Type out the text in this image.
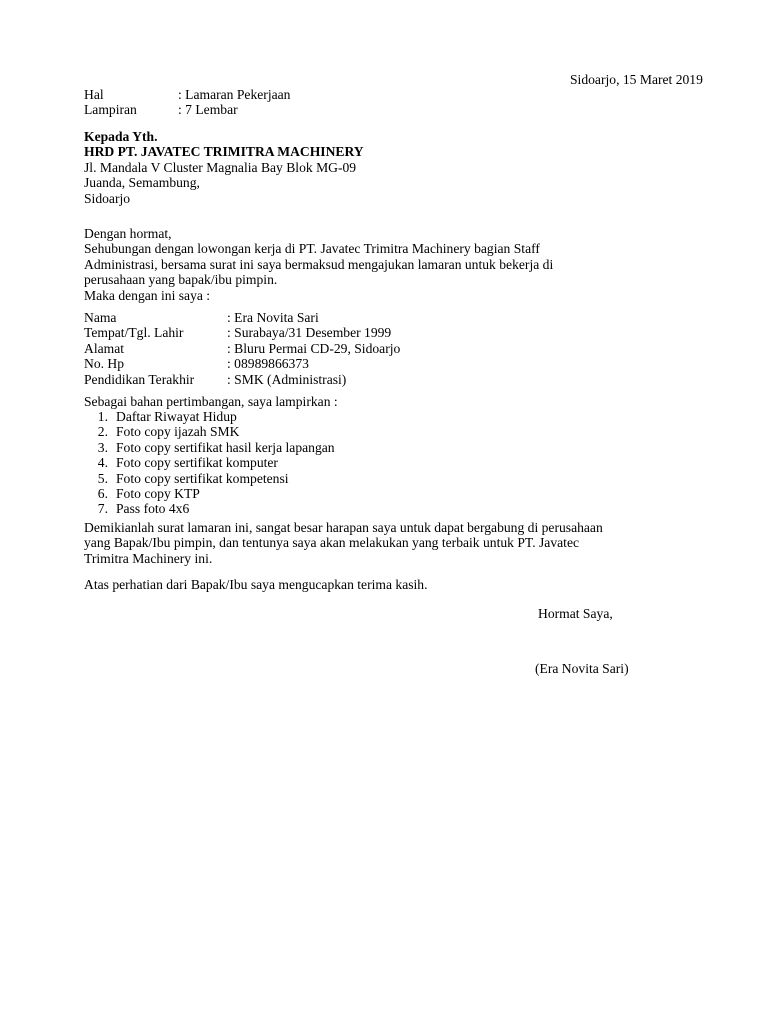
Sidoarjo, 15 Maret 2019
Hal	: Lamaran Pekerjaan
Lampiran	: 7 Lembar
Kepada Yth.
HRD PT. JAVATEC TRIMITRA MACHINERY
Jl. Mandala V Cluster Magnalia Bay Blok MG-09
Juanda, Semambung,
Sidoarjo
Dengan hormat,
Sehubungan dengan lowongan kerja di PT. Javatec Trimitra Machinery bagian Staff
Administrasi, bersama surat ini saya bermaksud mengajukan lamaran untuk bekerja di
perusahaan yang bapak/ibu pimpin.
Maka dengan ini saya :
Nama	: Era Novita Sari
Tempat/Tgl. Lahir	: Surabaya/31 Desember 1999
Alamat	: Bluru Permai CD-29, Sidoarjo
No. Hp	: 08989866373
Pendidikan Terakhir : SMK (Administrasi)
Sebagai bahan pertimbangan, saya lampirkan :
1. Daftar Riwayat Hidup
2. Foto copy ijazah SMK
3. Foto copy sertifikat hasil kerja lapangan
4. Foto copy sertifikat komputer
5. Foto copy sertifikat kompetensi
6. Foto copy KTP
7. Pass foto 4x6
Demikianlah surat lamaran ini, sangat besar harapan saya untuk dapat bergabung di perusahaan
yang Bapak/Ibu pimpin, dan tentunya saya akan melakukan yang terbaik untuk PT. Javatec
Trimitra Machinery ini.
Atas perhatian dari Bapak/Ibu saya mengucapkan terima kasih.
Hormat Saya,
(Era Novita Sari)
